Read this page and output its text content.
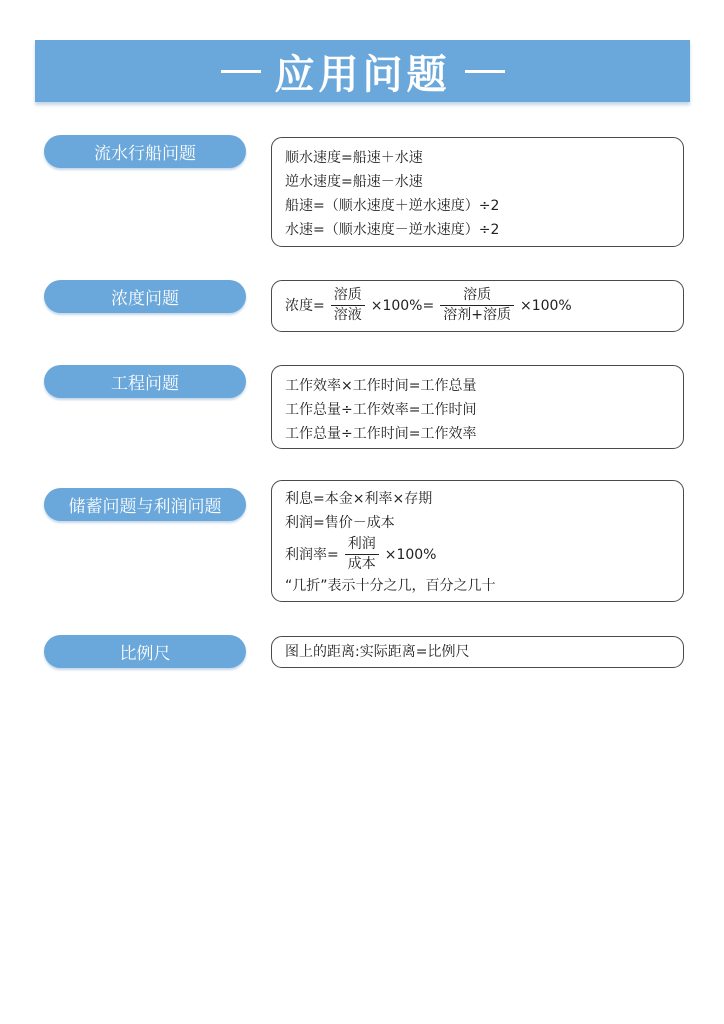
应用问题
流水行船问题	顺水速度=船速＋水速
逆水速度=船速－水速
船速=（顺水速度＋逆水速度）÷2
水速=（顺水速度－逆水速度）÷2
浓度问题	浓度= $\frac{\text{溶质}}{\text{溶液}} \times 100\%= \frac{\text{溶质}}{\text{溶剂+溶质}} \times 100\%$
工程问题	工作效率×工作时间=工作总量
工作总量÷工作效率=工作时间
工作总量÷工作时间=工作效率
储蓄问题与利润问题	利息=本金×利率×存期
利润=售价－成本
利润率= $\frac{\text{利润}}{\text{成本}} \times 100\%$
“几折”表示十分之几，百分之几十
比例尺	图上的距离:实际距离=比例尺
